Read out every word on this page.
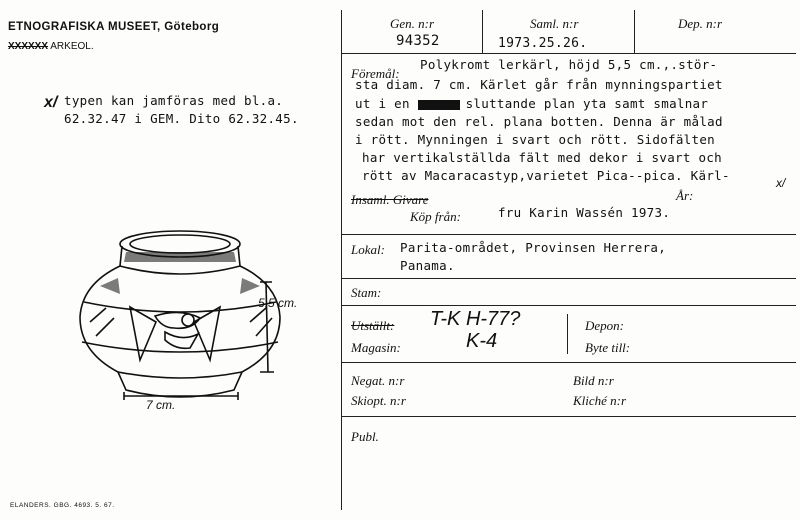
ETNOGRAFISKA MUSEET, Göteborg
XXXXXX ARKEOL.
x/ typen kan jamföras med bl.a.
62.32.47 i GEM. Dito 62.32.45.
5,5 cm.
7 cm.
ELANDERS. GBG. 4693. 5. 67.
Gen. n:r
94352
Saml. n:r
1973.25.26.
Dep. n:r
Föremål:
Polykromt lerkärl, höjd 5,5 cm.,.stör-
sta diam. 7 cm. Kärlet går från mynningspartiet
ut i en	sluttande plan yta samt smalnar
sedan mot den rel. plana botten. Denna är målad
i rött. Mynningen i svart och rött. Sidofälten
har vertikalställda fält med dekor i svart och
rött av Macaracastyp,varietet Pica--pica. Kärl-	x/
Insaml. Givare	År:
Köp från:	fru Karin Wassén 1973.
Lokal: Parita-området, Provinsen Herrera,
Panama.
Stam:
Utställt: T-K H-77?
Magasin:	K-4
Depon:
Byte till:
Negat. n:r	Bild n:r
Skiopt. n:r	Kliché n:r
Publ.
